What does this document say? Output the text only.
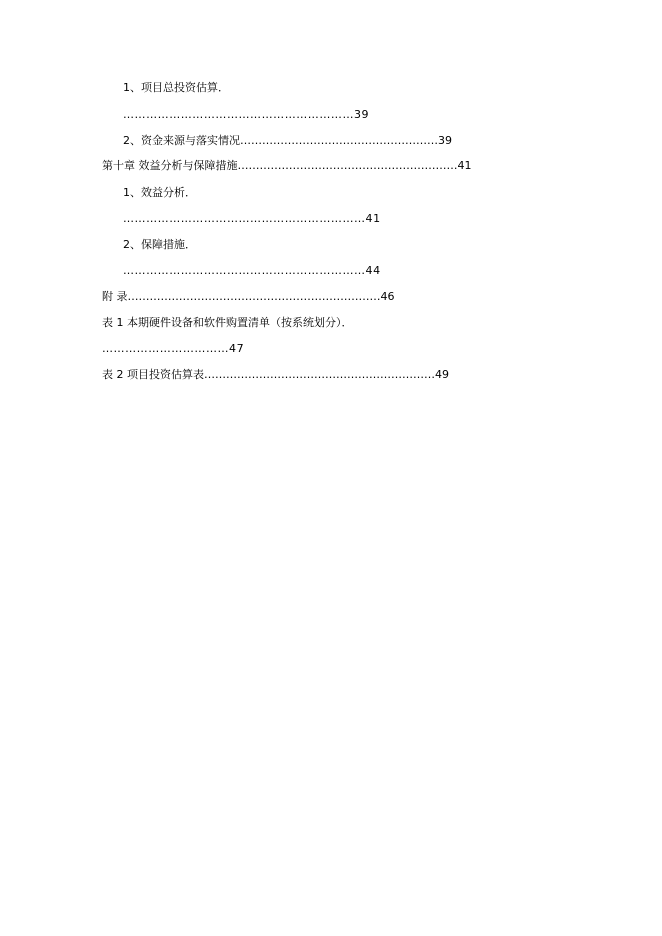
1、项目总投资估算．
……………………………………………………39
2、资金来源与落实情况………………………………………………39
第十章 效益分析与保障措施……………………………………………………41
1、效益分析．
………………………………………………………41
2、保障措施．
………………………………………………………44
附 录……………………………………………………………46
表 1 本期硬件设备和软件购置清单（按系统划分）．
……………………………47
表 2 项目投资估算表………………………………………………………49
